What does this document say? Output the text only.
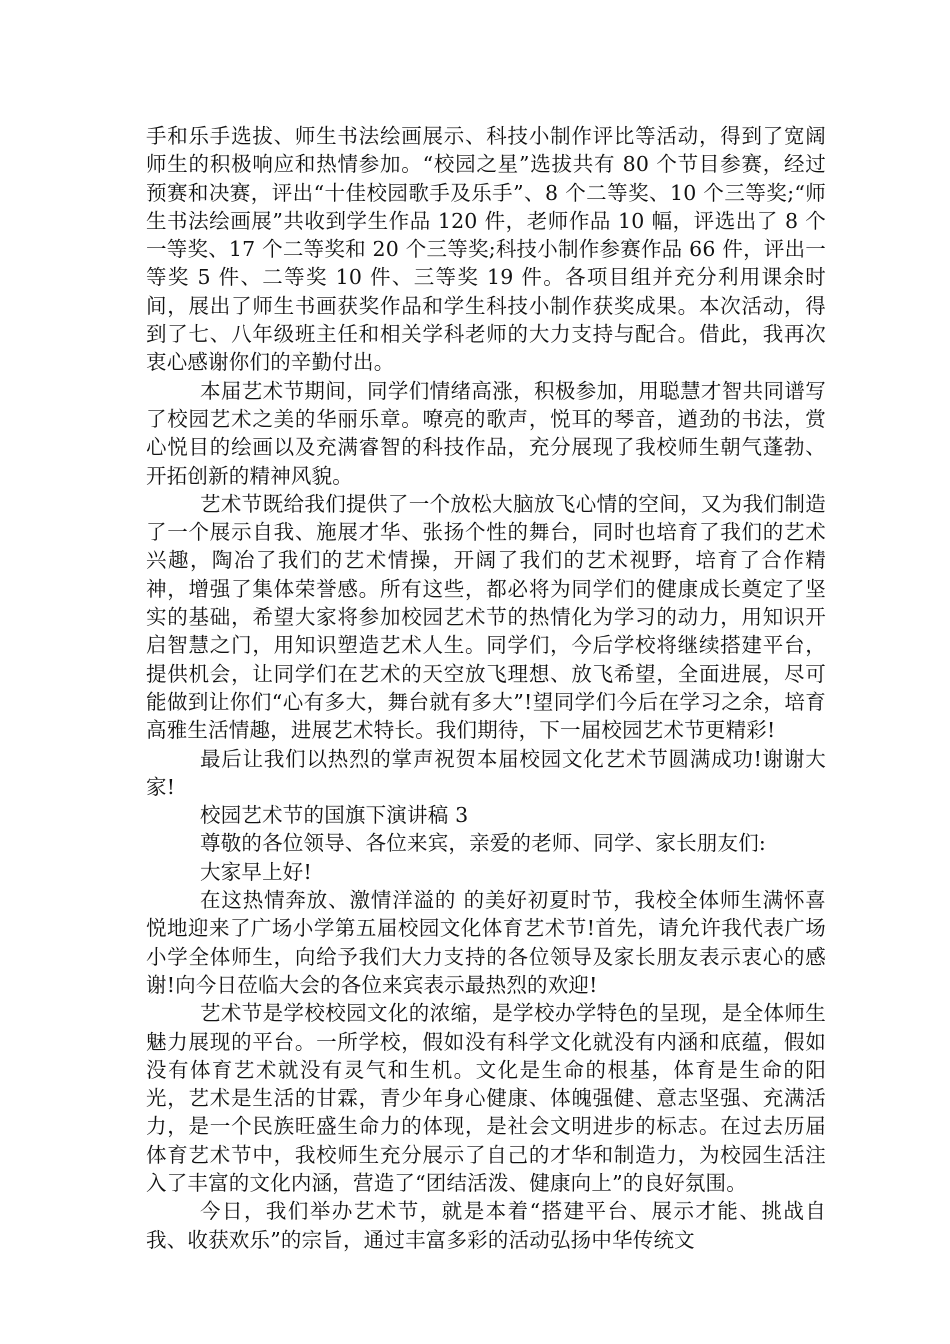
手和乐手选拔、师生书法绘画展示、科技小制作评比等活动，得到了宽阔师生的积极响应和热情参加。“校园之星”选拔共有 80 个节目参赛，经过预赛和决赛，评出“十佳校园歌手及乐手”、8 个二等奖、10 个三等奖;“师生书法绘画展”共收到学生作品 120 件，老师作品 10 幅，评选出了 8 个一等奖、17 个二等奖和 20 个三等奖;科技小制作参赛作品 66 件，评出一等奖 5 件、二等奖 10 件、三等奖 19 件。各项目组并充分利用课余时间，展出了师生书画获奖作品和学生科技小制作获奖成果。本次活动，得到了七、八年级班主任和相关学科老师的大力支持与配合。借此，我再次衷心感谢你们的辛勤付出。

本届艺术节期间，同学们情绪高涨，积极参加，用聪慧才智共同谱写了校园艺术之美的华丽乐章。嘹亮的歌声，悦耳的琴音，遒劲的书法，赏心悦目的绘画以及充满睿智的科技作品，充分展现了我校师生朝气蓬勃、开拓创新的精神风貌。

艺术节既给我们提供了一个放松大脑放飞心情的空间，又为我们制造了一个展示自我、施展才华、张扬个性的舞台，同时也培育了我们的艺术兴趣，陶冶了我们的艺术情操，开阔了我们的艺术视野，培育了合作精神，增强了集体荣誉感。所有这些，都必将为同学们的健康成长奠定了坚实的基础，希望大家将参加校园艺术节的热情化为学习的动力，用知识开启智慧之门，用知识塑造艺术人生。同学们，今后学校将继续搭建平台，提供机会，让同学们在艺术的天空放飞理想、放飞希望，全面进展，尽可能做到让你们“心有多大，舞台就有多大”!望同学们今后在学习之余，培育高雅生活情趣，进展艺术特长。我们期待，下一届校园艺术节更精彩!

最后让我们以热烈的掌声祝贺本届校园文化艺术节圆满成功!谢谢大家!

校园艺术节的国旗下演讲稿 3

尊敬的各位领导、各位来宾，亲爱的老师、同学、家长朋友们:

大家早上好!

在这热情奔放、激情洋溢的 的美好初夏时节，我校全体师生满怀喜悦地迎来了广场小学第五届校园文化体育艺术节!首先，请允许我代表广场小学全体师生，向给予我们大力支持的各位领导及家长朋友表示衷心的感谢!向今日莅临大会的各位来宾表示最热烈的欢迎!

艺术节是学校校园文化的浓缩，是学校办学特色的呈现，是全体师生魅力展现的平台。一所学校，假如没有科学文化就没有内涵和底蕴，假如没有体育艺术就没有灵气和生机。文化是生命的根基，体育是生命的阳光，艺术是生活的甘霖，青少年身心健康、体魄强健、意志坚强、充满活力，是一个民族旺盛生命力的体现，是社会文明进步的标志。在过去历届体育艺术节中，我校师生充分展示了自己的才华和制造力，为校园生活注入了丰富的文化内涵，营造了“团结活泼、健康向上”的良好氛围。

今日，我们举办艺术节，就是本着“搭建平台、展示才能、挑战自我、收获欢乐”的宗旨，通过丰富多彩的活动弘扬中华传统文
